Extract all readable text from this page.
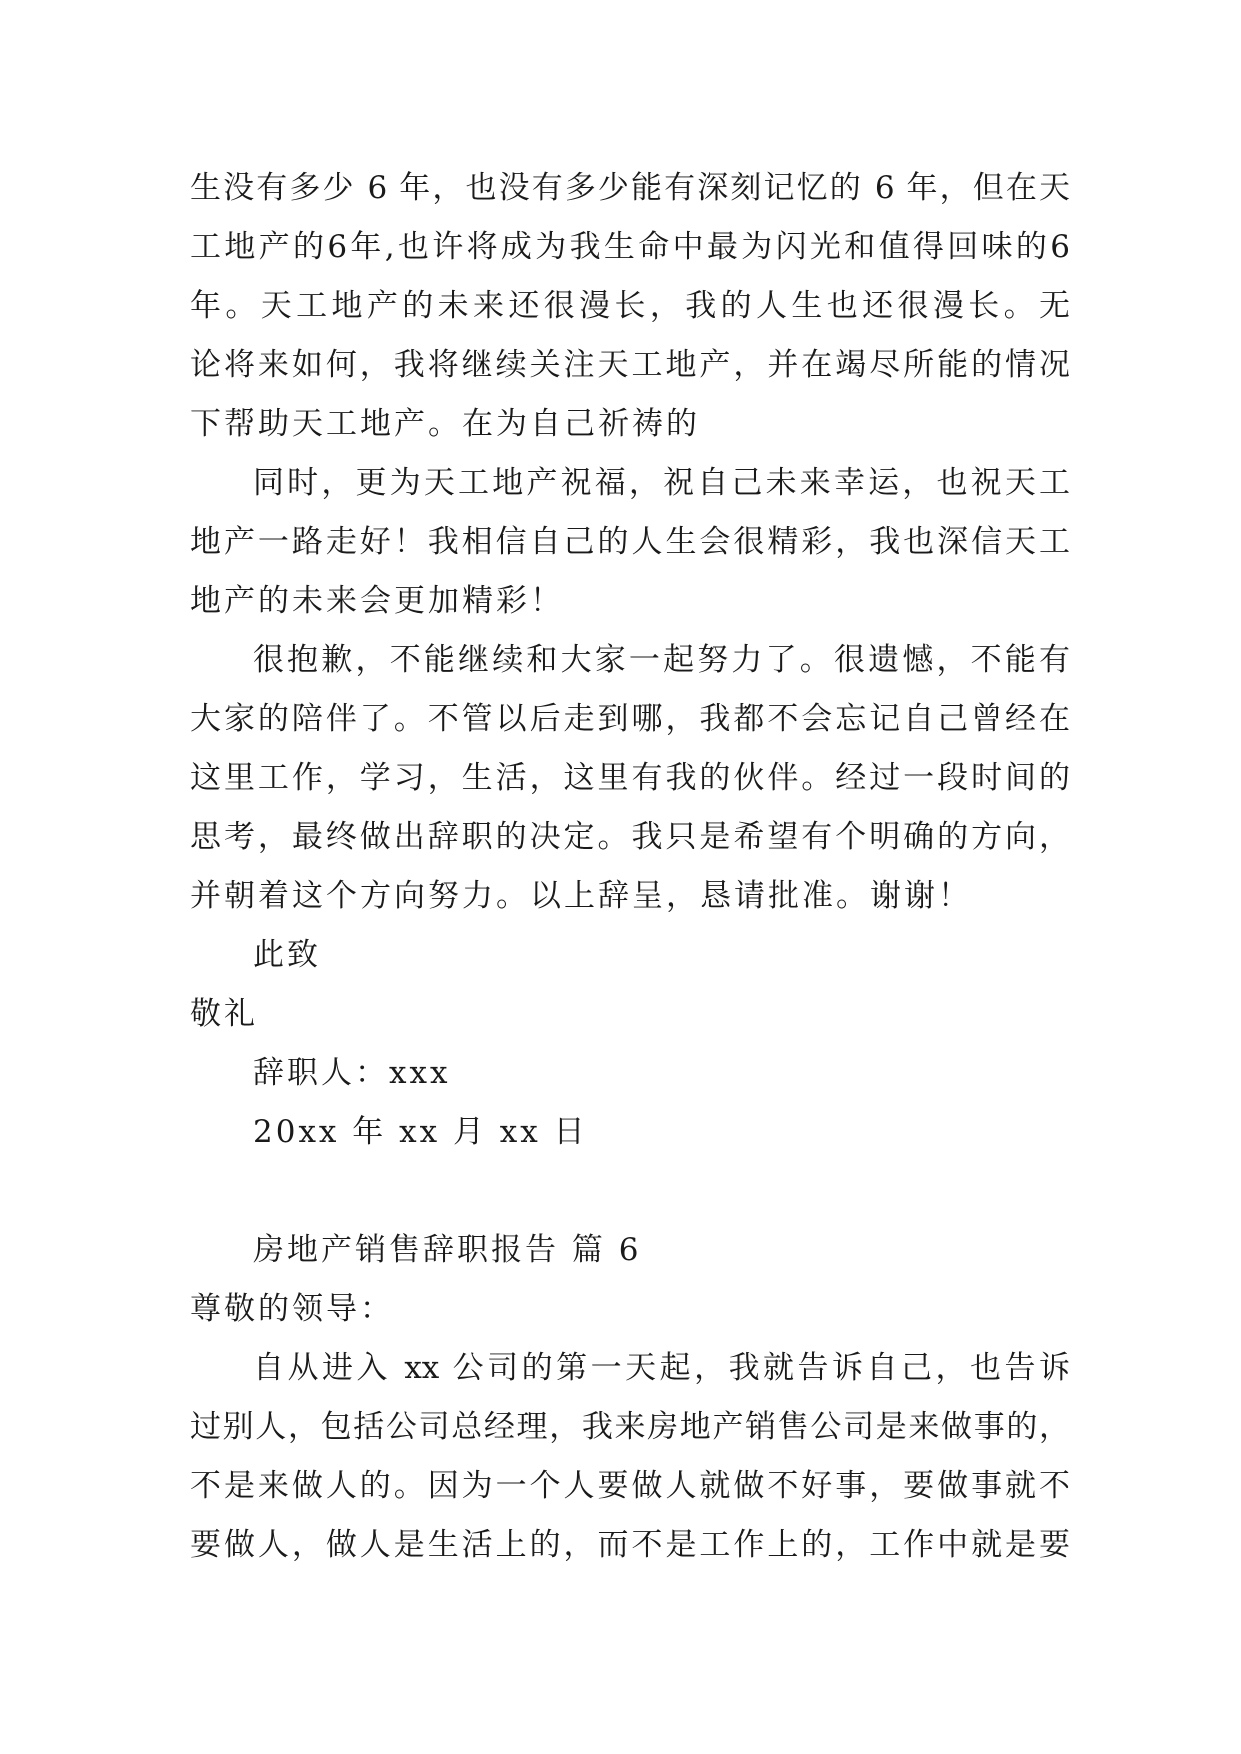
生没有多少 6 年，也没有多少能有深刻记忆的 6 年，但在天
工地产的6年,也许将成为我生命中最为闪光和值得回味的6
年。天工地产的未来还很漫长，我的人生也还很漫长。无
论将来如何，我将继续关注天工地产，并在竭尽所能的情况
下帮助天工地产。在为自己祈祷的
同时，更为天工地产祝福，祝自己未来幸运，也祝天工
地产一路走好！我相信自己的人生会很精彩，我也深信天工
地产的未来会更加精彩！
很抱歉，不能继续和大家一起努力了。很遗憾，不能有
大家的陪伴了。不管以后走到哪，我都不会忘记自己曾经在
这里工作，学习，生活，这里有我的伙伴。经过一段时间的
思考，最终做出辞职的决定。我只是希望有个明确的方向，
并朝着这个方向努力。以上辞呈，恳请批准。谢谢！
此致
敬礼
辞职人：xxx
20xx 年 xx 月 xx 日
房地产销售辞职报告 篇 6
尊敬的领导：
自从进入 xx 公司的第一天起，我就告诉自己，也告诉
过别人，包括公司总经理，我来房地产销售公司是来做事的，
不是来做人的。因为一个人要做人就做不好事，要做事就不
要做人，做人是生活上的，而不是工作上的，工作中就是要
